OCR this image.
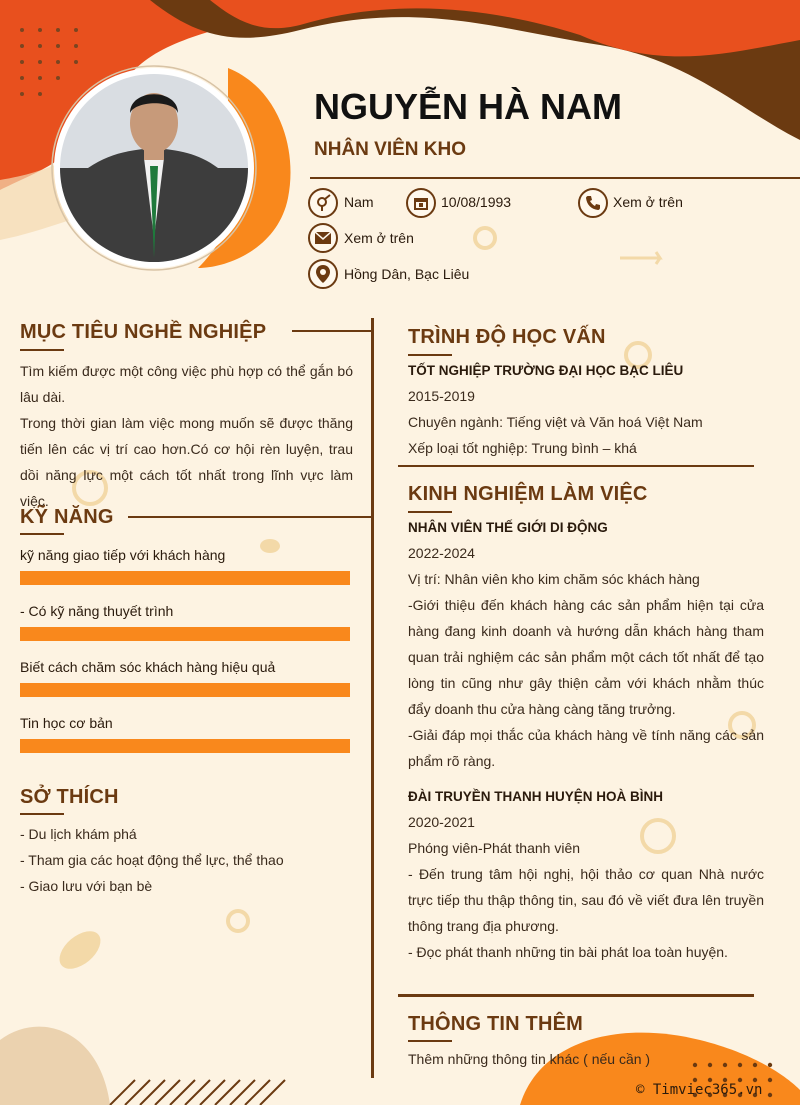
NGUYỄN HÀ NAM
NHÂN VIÊN KHO
Nam	10/08/1993	Xem ở trên
Xem ở trên
Hồng Dân, Bạc Liêu
MỤC TIÊU NGHỀ NGHIỆP
Tìm kiếm được một công việc phù hợp có thể gắn bó lâu dài.
Trong thời gian làm việc mong muốn sẽ được thăng tiến lên các vị trí cao hơn.Có cơ hội rèn luyện, trau dồi năng lực một cách tốt nhất trong lĩnh vực làm việc.
KỸ NĂNG
kỹ năng giao tiếp với khách hàng
- Có kỹ năng thuyết trình
Biết cách chăm sóc khách hàng hiệu quả
Tin học cơ bản
SỞ THÍCH
- Du lịch khám phá
- Tham gia các hoạt động thể lực, thể thao
- Giao lưu với bạn bè
TRÌNH ĐỘ HỌC VẤN
TỐT NGHIỆP TRƯỜNG ĐẠI HỌC BẠC LIÊU
2015-2019
Chuyên ngành: Tiếng việt và Văn hoá Việt Nam
Xếp loại tốt nghiệp: Trung bình – khá
KINH NGHIỆM LÀM VIỆC
NHÂN VIÊN THẾ GIỚI DI ĐỘNG
2022-2024
Vị trí: Nhân viên kho kim chăm sóc khách hàng
-Giới thiệu đến khách hàng các sản phẩm hiện tại cửa hàng đang kinh doanh và hướng dẫn khách hàng tham quan trải nghiệm các sản phẩm một cách tốt nhất để tạo lòng tin cũng như gây thiện cảm với khách nhằm thúc đẩy doanh thu cửa hàng càng tăng trưởng.
-Giải đáp mọi thắc của khách hàng về tính năng các sản phẩm rõ ràng.
ĐÀI TRUYỀN THANH HUYỆN HOÀ BÌNH
2020-2021
Phóng viên-Phát thanh viên
- Đến trung tâm hội nghị, hội thảo cơ quan Nhà nước trực tiếp thu thập thông tin, sau đó về viết đưa lên truyền thông trang địa phương.
- Đọc phát thanh những tin bài phát loa toàn huyện.
THÔNG TIN THÊM
Thêm những thông tin khác ( nếu cần )
© Timviec365.vn
